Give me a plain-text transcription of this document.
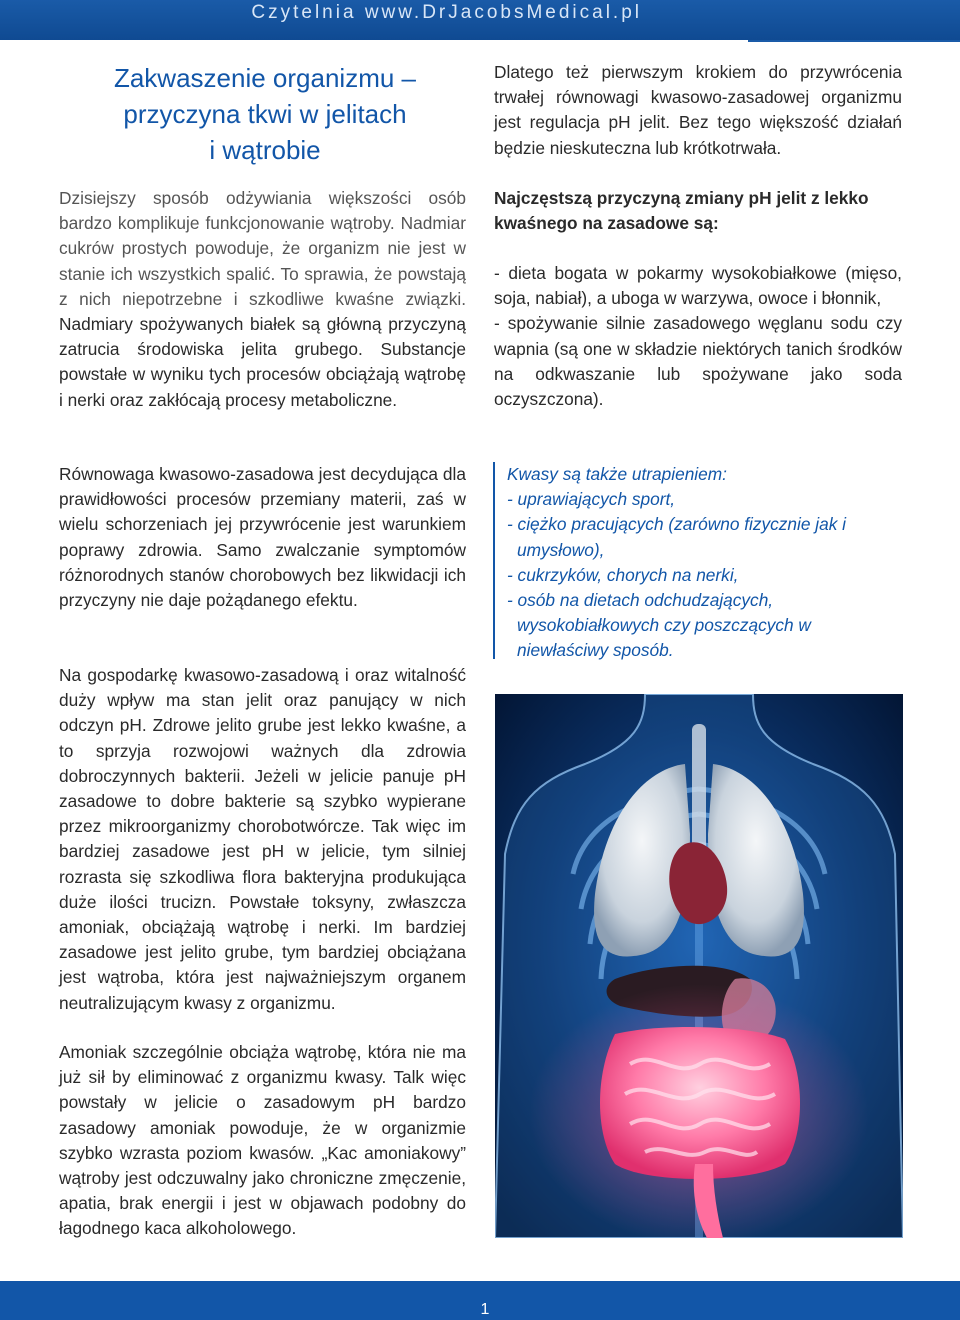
Czytelnia www.DrJacobsMedical.pl
Zakwaszenie organizmu –
przyczyna tkwi w jelitach
i wątrobie

Dzisiejszy sposób odżywiania większości osób bardzo komplikuje funkcjonowanie wątroby. Nadmiar cukrów prostych powoduje, że organizm nie jest w stanie ich wszystkich spalić. To sprawia, że powstają z nich niepotrzebne i szkodliwe kwaśne związki. Nadmiary spożywanych białek są główną przyczyną zatrucia środowiska jelita grubego. Substancje powstałe w wyniku tych procesów obciążają wątrobę i nerki oraz zakłócają procesy metaboliczne.

Równowaga kwasowo-zasadowa jest decydująca dla prawidłowości procesów przemiany materii, zaś w wielu schorzeniach jej przywrócenie jest warunkiem poprawy zdrowia. Samo zwalczanie symptomów różnorodnych stanów chorobowych bez likwidacji ich przyczyny nie daje pożądanego efektu.

Na gospodarkę kwasowo-zasadową i oraz witalność duży wpływ ma stan jelit oraz panujący w nich odczyn pH. Zdrowe jelito grube jest lekko kwaśne, a to sprzyja rozwojowi ważnych dla zdrowia dobroczynnych bakterii. Jeżeli w jelicie panuje pH zasadowe to dobre bakterie są szybko wypierane przez mikroorganizmy chorobotwórcze. Tak więc im bardziej zasadowe jest pH w jelicie, tym silniej rozrasta się szkodliwa flora bakteryjna produkująca duże ilości trucizn. Powstałe toksyny, zwłaszcza amoniak, obciążają wątrobę i nerki. Im bardziej zasadowe jest jelito grube, tym bardziej obciążana jest wątroba, która jest najważniejszym organem neutralizującym kwasy z organizmu.

Amoniak szczególnie obciąża wątrobę, która nie ma już sił by eliminować z organizmu kwasy. Talk więc powstały w jelicie o zasadowym pH bardzo zasadowy amoniak powoduje, że w organizmie szybko wzrasta poziom kwasów. „Kac amoniakowy” wątroby jest odczuwalny jako chroniczne zmęczenie, apatia, brak energii i jest w objawach podobny do łagodnego kaca alkoholowego.

Dlatego też pierwszym krokiem do przywrócenia trwałej równowagi kwasowo-zasadowej organizmu jest regulacja pH jelit. Bez tego większość działań będzie nieskuteczna lub krótkotrwała.

Najczęstszą przyczyną zmiany pH jelit z lekko kwaśnego na zasadowe są:

- dieta bogata w pokarmy wysokobiałkowe (mięso, soja, nabiał), a uboga w warzywa, owoce i błonnik,
- spożywanie silnie zasadowego węglanu sodu czy wapnia (są one w składzie niektórych tanich środków na odkwaszanie lub spożywane jako soda oczyszczona).

Kwasy są także utrapieniem:

- uprawiających sport,
- ciężko pracujących (zarówno fizycznie jak i umysłowo),
- cukrzyków, chorych na nerki,
- osób na dietach odchudzających, wysokobiałkowych czy poszczących w niewłaściwy sposób.
1
